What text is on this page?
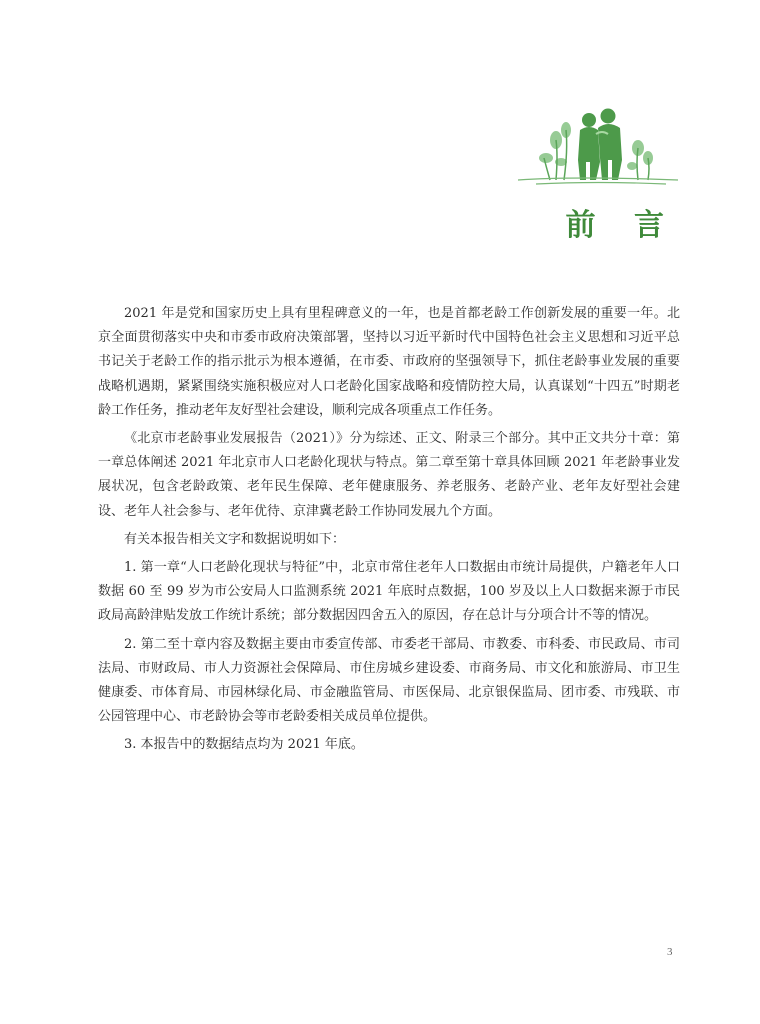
前 言

2021 年是党和国家历史上具有里程碑意义的一年，也是首都老龄工作创新发展的重要一年。北京全面贯彻落实中央和市委市政府决策部署，坚持以习近平新时代中国特色社会主义思想和习近平总书记关于老龄工作的指示批示为根本遵循，在市委、市政府的坚强领导下，抓住老龄事业发展的重要战略机遇期，紧紧围绕实施积极应对人口老龄化国家战略和疫情防控大局，认真谋划“十四五”时期老龄工作任务，推动老年友好型社会建设，顺利完成各项重点工作任务。

《北京市老龄事业发展报告（2021）》分为综述、正文、附录三个部分。其中正文共分十章：第一章总体阐述 2021 年北京市人口老龄化现状与特点。第二章至第十章具体回顾 2021 年老龄事业发展状况，包含老龄政策、老年民生保障、老年健康服务、养老服务、老龄产业、老年友好型社会建设、老年人社会参与、老年优待、京津冀老龄工作协同发展九个方面。

有关本报告相关文字和数据说明如下：

1. 第一章“人口老龄化现状与特征”中，北京市常住老年人口数据由市统计局提供，户籍老年人口数据 60 至 99 岁为市公安局人口监测系统 2021 年底时点数据，100 岁及以上人口数据来源于市民政局高龄津贴发放工作统计系统；部分数据因四舍五入的原因，存在总计与分项合计不等的情况。

2. 第二至十章内容及数据主要由市委宣传部、市委老干部局、市教委、市科委、市民政局、市司法局、市财政局、市人力资源社会保障局、市住房城乡建设委、市商务局、市文化和旅游局、市卫生健康委、市体育局、市园林绿化局、市金融监管局、市医保局、北京银保监局、团市委、市残联、市公园管理中心、市老龄协会等市老龄委相关成员单位提供。

3. 本报告中的数据结点均为 2021 年底。

3
